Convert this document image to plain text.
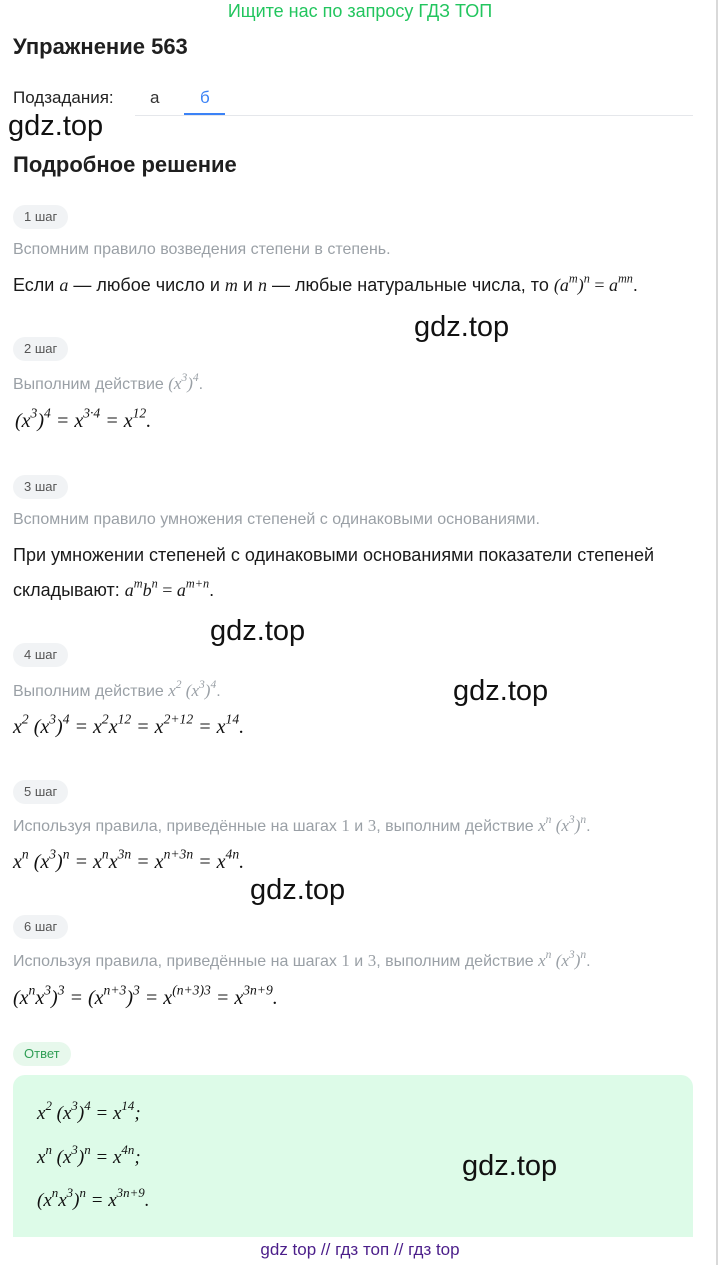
Ищите нас по запросу ГДЗ ТОП
Упражнение 563
Подзадания: а б
gdz.top
Подробное решение
1 шаг
Вспомним правило возведения степени в степень.
Если a — любое число и m и n — любые натуральные числа, то $(a^m)^n = a^{mn}$.
gdz.top
2 шаг
Выполним действие $(x^3)^4$.
$(x^3)^4 = x^{3\cdot 4} = x^{12}$.
3 шаг
Вспомним правило умножения степеней с одинаковыми основаниями.
При умножении степеней с одинаковыми основаниями показатели степеней
складывают: $a^mb^n = a^{m+n}$.
gdz.top
4 шаг
Выполним действие $x^2$ $(x^3)^4$.	gdz.top
$x^2$ $(x^3)^4 = x^2x^{12} = x^{2+12} = x^{14}$.
5 шаг
Используя правила, приведённые на шагах 1 и 3, выполним действие $x^n$ $(x^3)^n$.
$x^n$ $(x^3)^n = x^nx^{3n} = x^{n+3n} = x^{4n}$.
gdz.top
6 шаг
Используя правила, приведённые на шагах 1 и 3, выполним действие $x^n$ $(x^3)^n$.
$(x^nx^3)^3 = (x^{n+3})^3 = x^{(n+3)3} = x^{3n+9}$.
Ответ
$x^2$ $(x^3)^4 = x^{14}$;
$x^n$ $(x^3)^n = x^{4n}$;
$(x^nx^3)^n = x^{3n+9}$.
gdz.top
gdz top // гдз топ // гдз top
